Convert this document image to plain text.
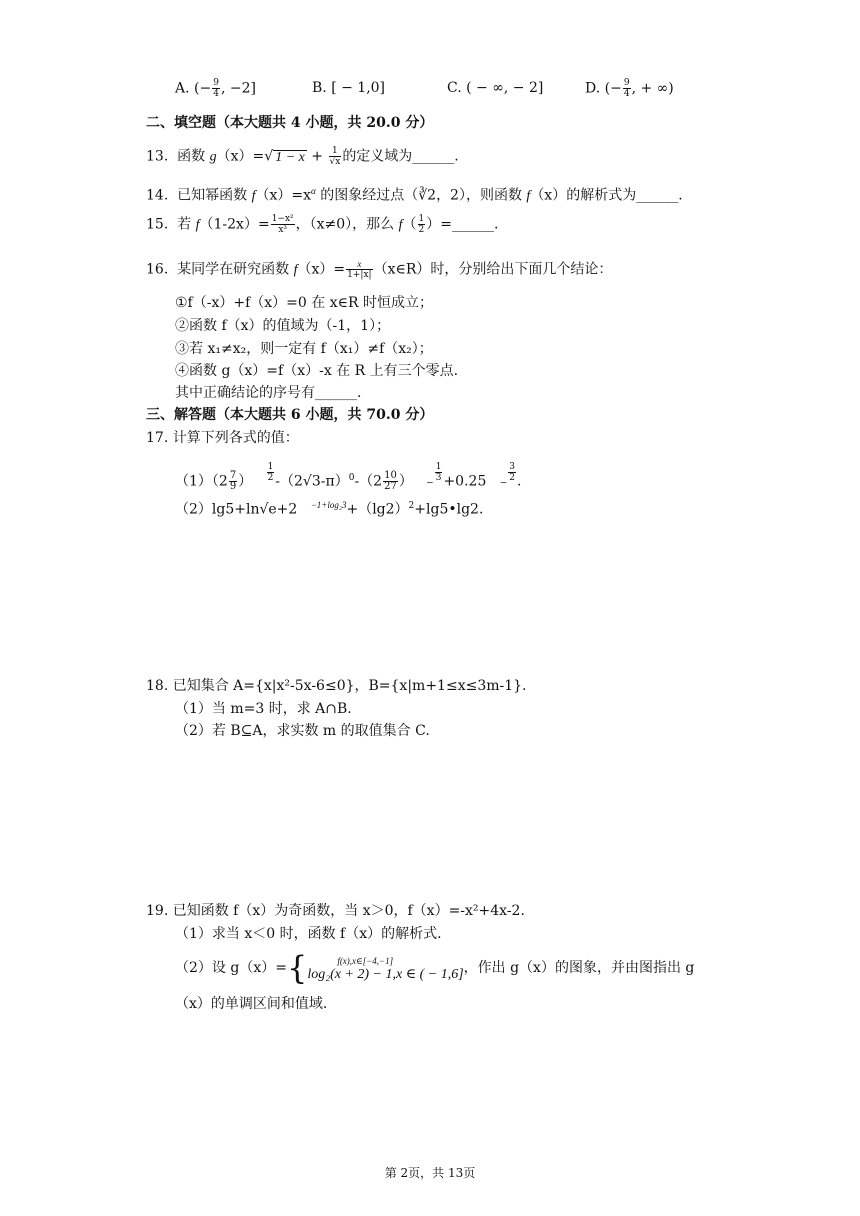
A. (− $\frac{9}{4}$ , −2]	B. [ − 1,0]	C. ( − ∞, − 2]	D. (− $\frac{9}{4}$ , + ∞)
二、填空题（本大题共 4 小题，共 20.0 分）
13. 函数 g（x）=√ $1 - x + \frac{1}{√x}$ 的定义域为______.
14. 已知幂函数 $f(x)=x^\alpha$ 的图象经过点（∛2，2），则函数 f（x）的解析式为______.
15. 若 $f(1-2x)= \frac{\text{1−x²}}{\text{x³}}$ ，（x≠0），那么 $f( \frac{1}{2}$ ）=______.
16. 某同学在研究函数 $f(x)= \frac{x}{1+|x|}$ （x∈R）时，分别给出下面几个结论：
①f（-x）+f（x）=0 在 x∈R 时恒成立；
②函数 f（x）的值域为（-1，1）；
③若 x₁≠x₂，则一定有 f（x₁）≠f（x₂）；
④函数 g（x）=f（x）-x 在 R 上有三个零点.
其中正确结论的序号有______.
三、解答题（本大题共 6 小题，共 70.0 分）
17. 计算下列各式的值：
$(1)(2 \frac{7}{9}$ ） $\frac{1}{2} -(2√3-\pi)^0-(2 \frac{10}{27}$ ） −
$\frac{1}{3} +0.25$ −
$\frac{3}{2}$ .
（2）lg5+ln√e+2 $^{-1+log_23}+(\lg 2)^2+\lg 5•\lg 2$.
18. 已知集合 A={x|x²-5x-6≤0}，B={x|m+1≤x≤3m-1}.
（1）当 m=3 时，求 A∩B.
（2）若 B⊆A，求实数 m 的取值集合 C.
19. 已知函数 f（x）为奇函数，当 x＞0，f（x）=-x²+4x-2.
（1）求当 x＜0 时，函数 f（x）的解析式.
（2）设 g（x）={	f(x),x∈[−4,−1]
log₂(x + 2) − 1,x ∈ ( − 1,6] ，作出 g（x）的图象，并由图指出 g
（x）的单调区间和值域.
第 2页，共 13页
